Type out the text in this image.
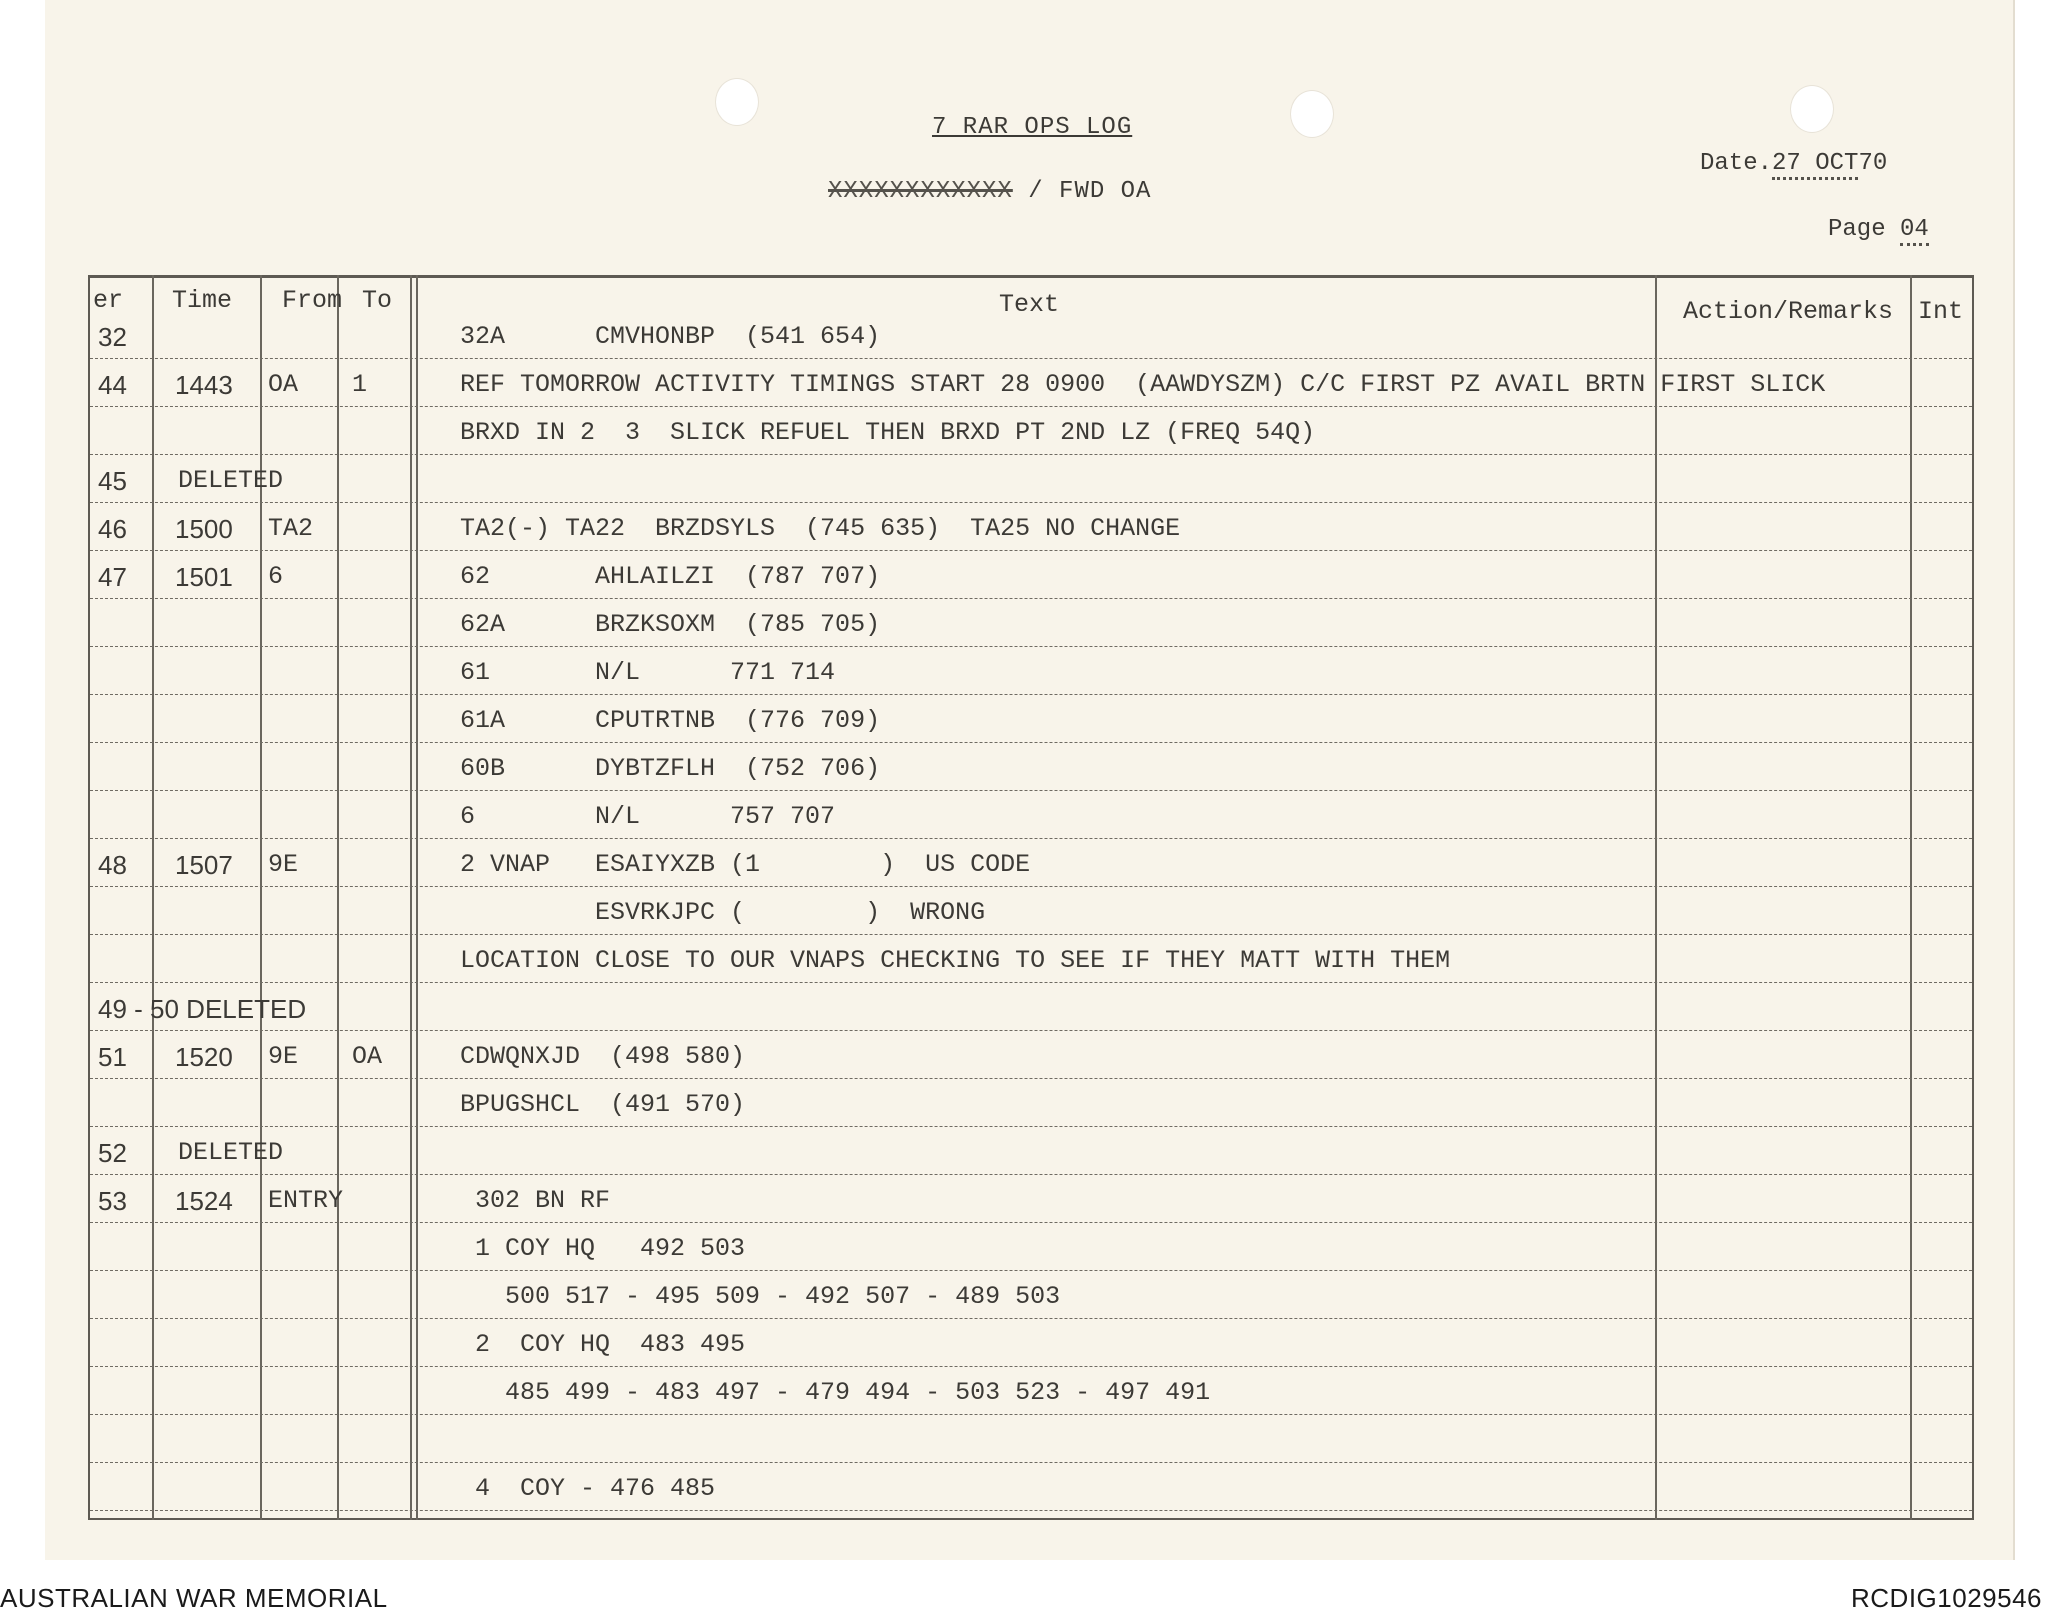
7 RAR OPS LOG
XXXXXXXXXXXX / FWD OA
Date.27 OCT70
Page 04
er Time From To	Text	Action/Remarks Int
32	32A      CMVHONBP  (541 654)
44 1443 OA 1	REF TOMORROW ACTIVITY TIMINGS START 28 0900  (AAWDYSZM) C/C FIRST PZ AVAIL BRTN FIRST SLICK
BRXD IN 2  3  SLICK REFUEL THEN BRXD PT 2ND LZ (FREQ 54Q)
45 DELETED
46 1500 TA2	TA2(-) TA22  BRZDSYLS  (745 635)  TA25 NO CHANGE
47 1501 6	62       AHLAILZI  (787 707)
62A      BRZKSOXM  (785 705)
61       N/L      771 714
61A      CPUTRTNB  (776 709)
60B      DYBTZFLH  (752 706)
6        N/L      757 707
48 1507 9E	2 VNAP   ESAIYXZB (1        )  US CODE
ESVRKJPC (        )  WRONG
LOCATION CLOSE TO OUR VNAPS CHECKING TO SEE IF THEY MATT WITH THEM
49 - 50 DELETED
51 1520 9E OA	CDWQNXJD  (498 580)
BPUGSHCL  (491 570)
52 DELETED
53 1524 ENTRY	302 BN RF
1 COY HQ   492 503
500 517 - 495 509 - 492 507 - 489 503
2  COY HQ  483 495
485 499 - 483 497 - 479 494 - 503 523 - 497 491
4  COY - 476 485
AUSTRALIAN WAR MEMORIAL	RCDIG1029546
